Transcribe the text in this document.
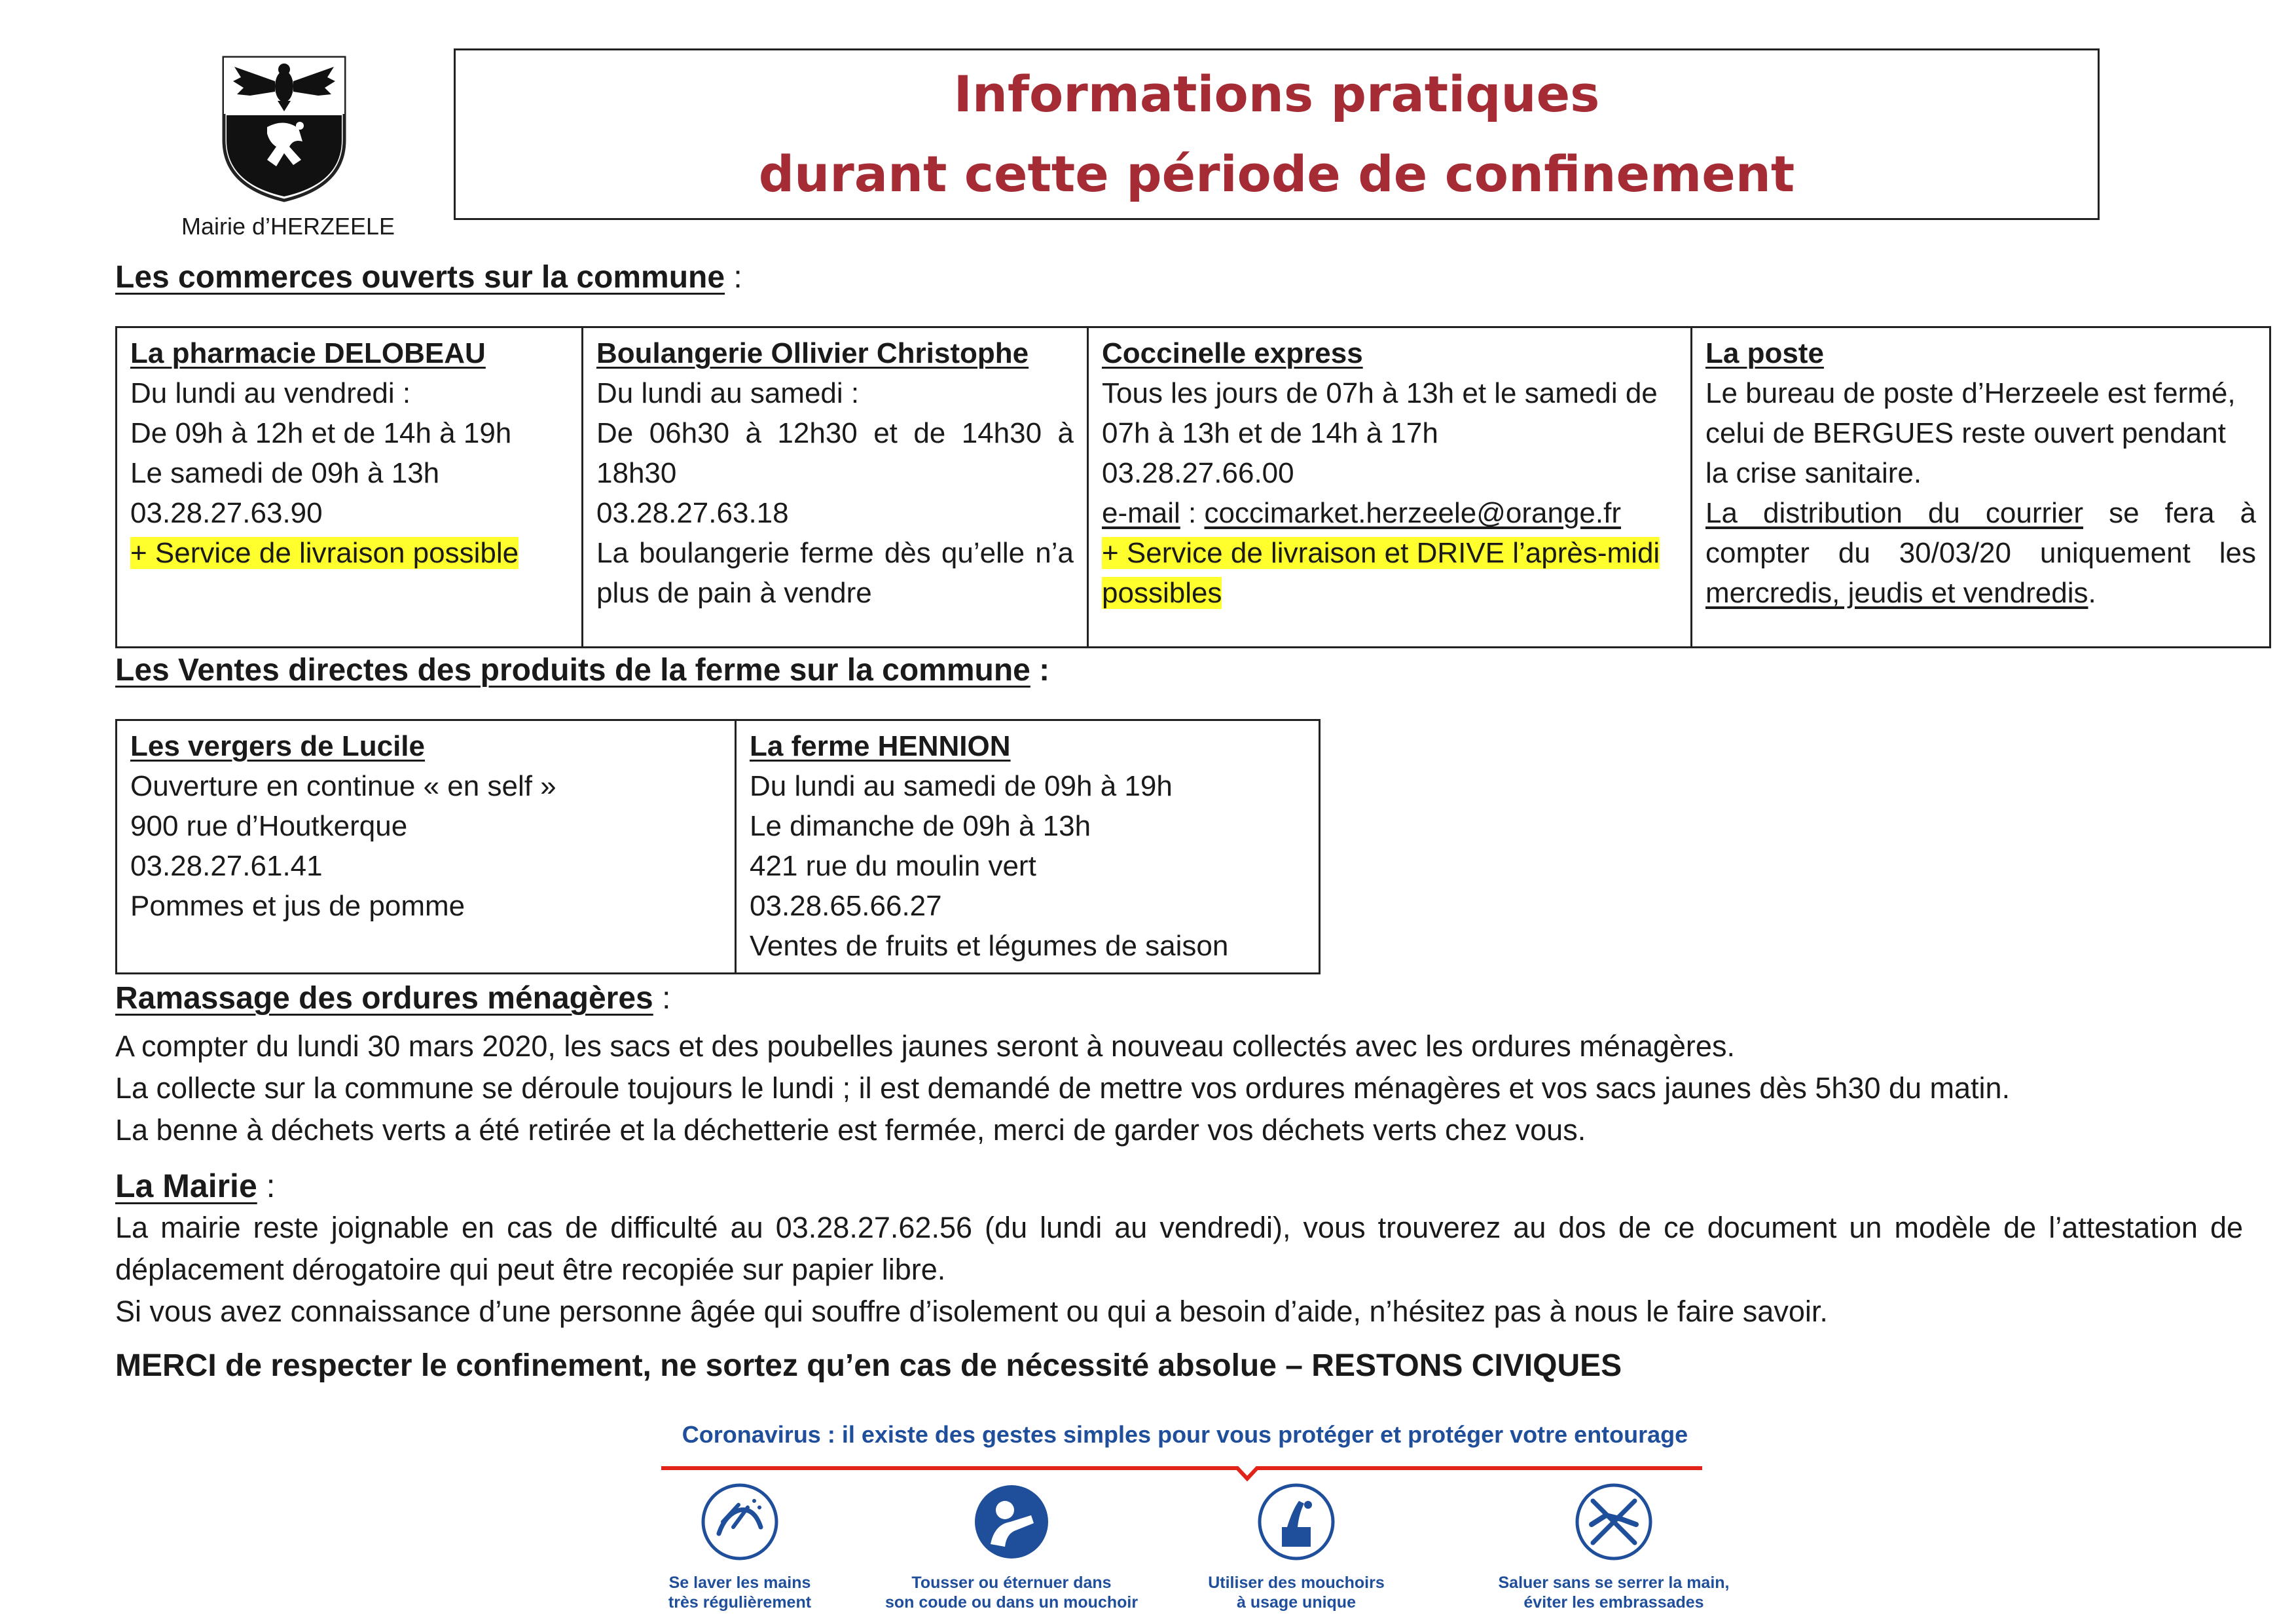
Mairie d’HERZEELE
Informations pratiques
durant cette période de confinement
Les commerces ouverts sur la commune :
La pharmacie DELOBEAU
Du lundi au vendredi :
De 09h à 12h et de 14h à 19h
Le samedi de 09h à 13h
03.28.27.63.90
+ Service de livraison possible

Boulangerie Ollivier Christophe
Du lundi au samedi :
De 06h30 à 12h30 et de 14h30 à 18h30
03.28.27.63.18
La boulangerie ferme dès qu’elle n’a plus de pain à vendre

Coccinelle express
Tous les jours de 07h à 13h et le samedi de 07h à 13h et de 14h à 17h
03.28.27.66.00
e-mail : coccimarket.herzeele@orange.fr
+ Service de livraison et DRIVE l’après-midi possibles

La poste
Le bureau de poste d’Herzeele est fermé, celui de BERGUES reste ouvert pendant la crise sanitaire.
La distribution du courrier se fera à compter du 30/03/20 uniquement les mercredis, jeudis et vendredis.
Les Ventes directes des produits de la ferme sur la commune :
Les vergers de Lucile
Ouverture en continue « en self »
900 rue d’Houtkerque
03.28.27.61.41
Pommes et jus de pomme

La ferme HENNION
Du lundi au samedi de 09h à 19h
Le dimanche de 09h à 13h
421 rue du moulin vert
03.28.65.66.27
Ventes de fruits et légumes de saison
Ramassage des ordures ménagères :
A compter du lundi 30 mars 2020, les sacs et des poubelles jaunes seront à nouveau collectés avec les ordures ménagères.
La collecte sur la commune se déroule toujours le lundi ; il est demandé de mettre vos ordures ménagères et vos sacs jaunes dès 5h30 du matin.
La benne à déchets verts a été retirée et la déchetterie est fermée, merci de garder vos déchets verts chez vous.
La Mairie :
La mairie reste joignable en cas de difficulté au 03.28.27.62.56 (du lundi au vendredi), vous trouverez au dos de ce document un modèle de l’attestation de déplacement dérogatoire qui peut être recopiée sur papier libre.
Si vous avez connaissance d’une personne âgée qui souffre d’isolement ou qui a besoin d’aide, n’hésitez pas à nous le faire savoir.
MERCI de respecter le confinement, ne sortez qu’en cas de nécessité absolue – RESTONS CIVIQUES
Coronavirus : il existe des gestes simples pour vous protéger et protéger votre entourage
Se laver les mains
très régulièrement
Tousser ou éternuer dans
son coude ou dans un mouchoir
Utiliser des mouchoirs
à usage unique
Saluer sans se serrer la main,
éviter les embrassades
